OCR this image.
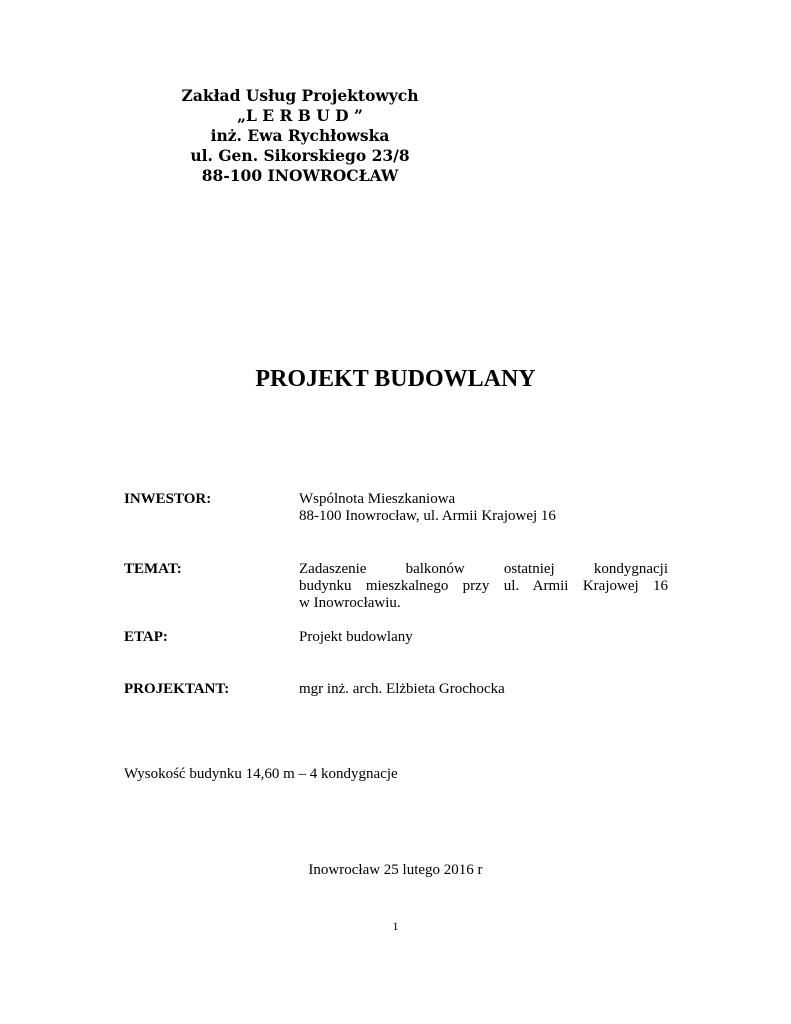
Zakład Usług Projektowych
„L E R B U D ”
inż. Ewa Rychłowska
ul. Gen. Sikorskiego 23/8
88-100 INOWROCŁAW
PROJEKT BUDOWLANY
INWESTOR:	Wspólnota Mieszkaniowa
88-100 Inowrocław, ul. Armii Krajowej 16
TEMAT:	Zadaszenie balkonów ostatniej kondygnacji
budynku mieszkalnego przy ul. Armii Krajowej 16
w Inowrocławiu.
ETAP:	Projekt budowlany
PROJEKTANT:	mgr inż. arch. Elżbieta Grochocka
Wysokość budynku 14,60 m – 4 kondygnacje
Inowrocław 25 lutego 2016 r
1
